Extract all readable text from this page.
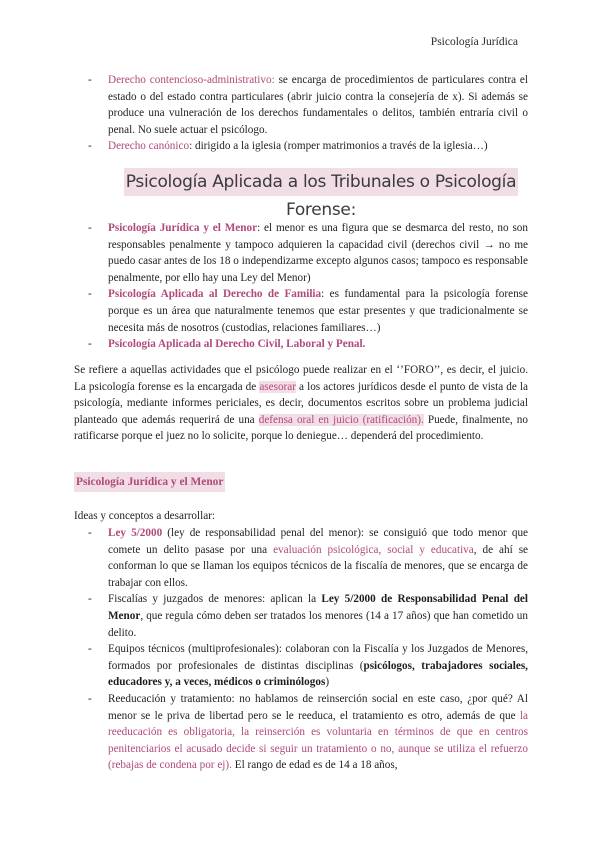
Psicología Jurídica
- Derecho contencioso-administrativo: se encarga de procedimientos de particulares contra el estado o del estado contra particulares (abrir juicio contra la consejería de x). Si además se produce una vulneración de los derechos fundamentales o delitos, también entraría civil o penal. No suele actuar el psicólogo.
- Derecho canónico: dirigido a la iglesia (romper matrimonios a través de la iglesia…)
Psicología Aplicada a los Tribunales o Psicología Forense:
- Psicología Jurídica y el Menor: el menor es una figura que se desmarca del resto, no son responsables penalmente y tampoco adquieren la capacidad civil (derechos civil → no me puedo casar antes de los 18 o independizarme excepto algunos casos; tampoco es responsable penalmente, por ello hay una Ley del Menor)
- Psicología Aplicada al Derecho de Familia: es fundamental para la psicología forense porque es un área que naturalmente tenemos que estar presentes y que tradicionalmente se necesita más de nosotros (custodias, relaciones familiares…)
- Psicología Aplicada al Derecho Civil, Laboral y Penal.

Se refiere a aquellas actividades que el psicólogo puede realizar en el ‘’FORO’’, es decir, el juicio. La psicología forense es la encargada de asesorar a los actores jurídicos desde el punto de vista de la psicología, mediante informes periciales, es decir, documentos escritos sobre un problema judicial planteado que además requerirá de una defensa oral en juicio (ratificación). Puede, finalmente, no ratificarse porque el juez no lo solicite, porque lo deniegue… dependerá del procedimiento.

Psicología Jurídica y el Menor

Ideas y conceptos a desarrollar:

- Ley 5/2000 (ley de responsabilidad penal del menor): se consiguió que todo menor que comete un delito pasase por una evaluación psicológica, social y educativa, de ahí se conforman lo que se llaman los equipos técnicos de la fiscalía de menores, que se encarga de trabajar con ellos.
- Fiscalías y juzgados de menores: aplican la Ley 5/2000 de Responsabilidad Penal del Menor, que regula cómo deben ser tratados los menores (14 a 17 años) que han cometido un delito.
- Equipos técnicos (multiprofesionales): colaboran con la Fiscalía y los Juzgados de Menores, formados por profesionales de distintas disciplinas (psicólogos, trabajadores sociales, educadores y, a veces, médicos o criminólogos)
- Reeducación y tratamiento: no hablamos de reinserción social en este caso, ¿por qué? Al menor se le priva de libertad pero se le reeduca, el tratamiento es otro, además de que la reeducación es obligatoria, la reinserción es voluntaria en términos de que en centros penitenciarios el acusado decide si seguir un tratamiento o no, aunque se utiliza el refuerzo (rebajas de condena por ej). El rango de edad es de 14 a 18 años,
